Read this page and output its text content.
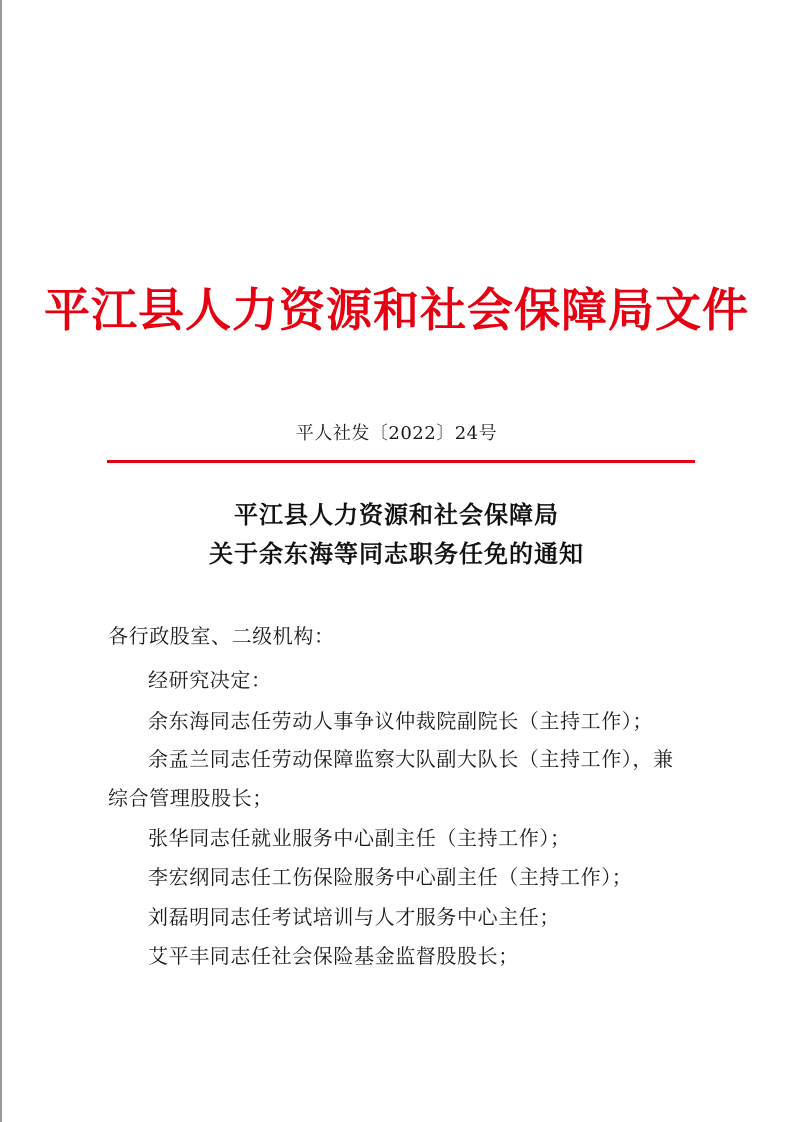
平江县人力资源和社会保障局文件
平人社发〔2022〕24号
平江县人力资源和社会保障局
关于余东海等同志职务任免的通知
各行政股室、二级机构：
经研究决定：
余东海同志任劳动人事争议仲裁院副院长（主持工作）；
余孟兰同志任劳动保障监察大队副大队长（主持工作），兼
综合管理股股长；
张华同志任就业服务中心副主任（主持工作）；
李宏纲同志任工伤保险服务中心副主任（主持工作）；
刘磊明同志任考试培训与人才服务中心主任；
艾平丰同志任社会保险基金监督股股长；
